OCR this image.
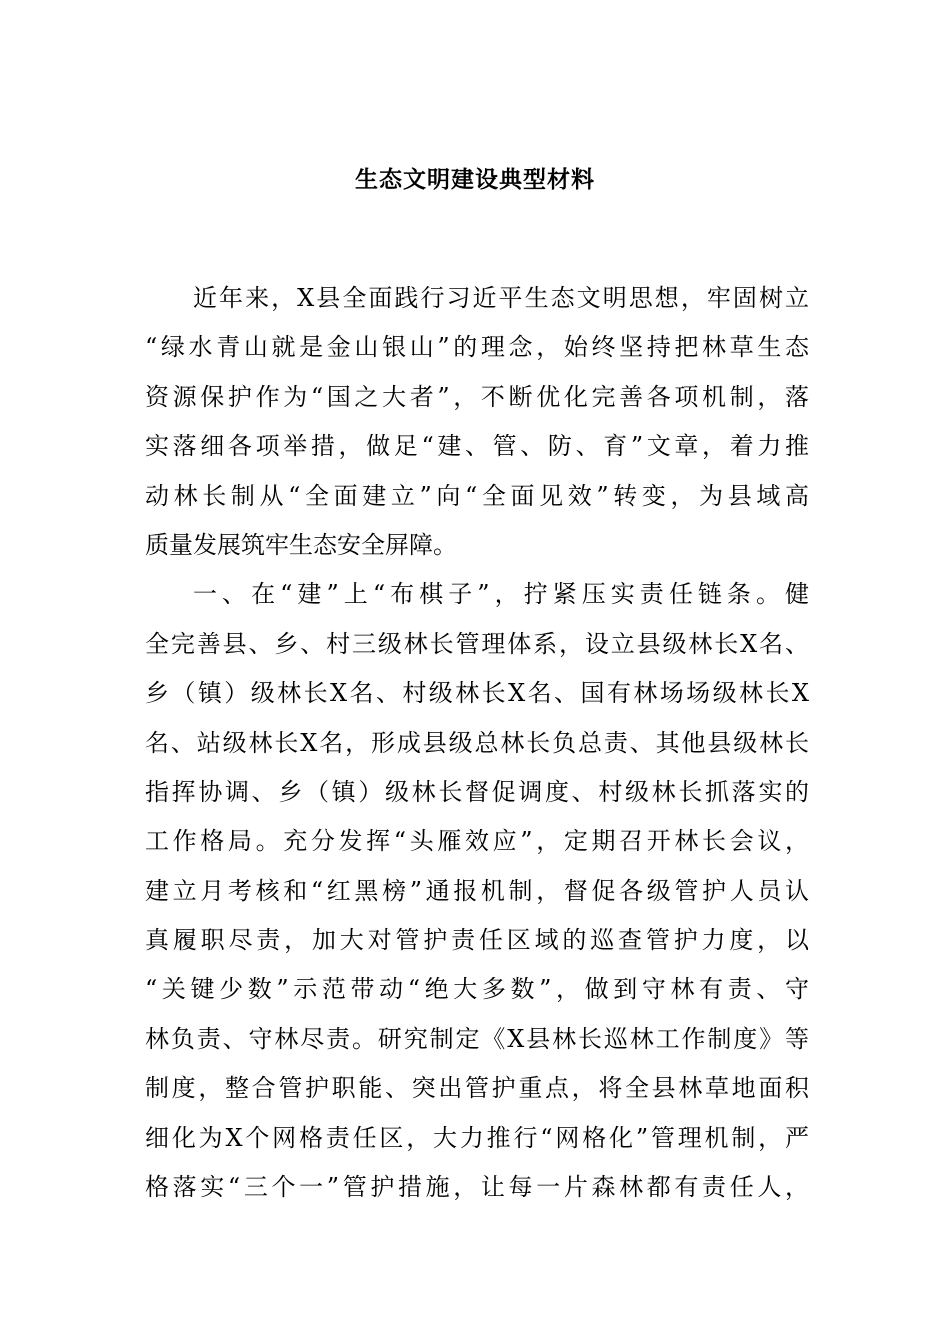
生态文明建设典型材料
近年来，X县全面践行习近平生态文明思想，牢固树立
“绿水青山就是金山银山”的理念，始终坚持把林草生态
资源保护作为“国之大者”，不断优化完善各项机制，落
实落细各项举措，做足“建、管、防、育”文章，着力推
动林长制从“全面建立”向“全面见效”转变，为县域高
质量发展筑牢生态安全屏障。
一、在“建”上“布棋子”，拧紧压实责任链条。健
全完善县、乡、村三级林长管理体系，设立县级林长X名、
乡（镇）级林长X名、村级林长X名、国有林场场级林长X
名、站级林长X名，形成县级总林长负总责、其他县级林长
指挥协调、乡（镇）级林长督促调度、村级林长抓落实的
工作格局。充分发挥“头雁效应”，定期召开林长会议，
建立月考核和“红黑榜”通报机制，督促各级管护人员认
真履职尽责，加大对管护责任区域的巡查管护力度，以
“关键少数”示范带动“绝大多数”，做到守林有责、守
林负责、守林尽责。研究制定《X县林长巡林工作制度》等
制度，整合管护职能、突出管护重点，将全县林草地面积
细化为X个网格责任区，大力推行“网格化”管理机制，严
格落实“三个一”管护措施，让每一片森林都有责任人，
